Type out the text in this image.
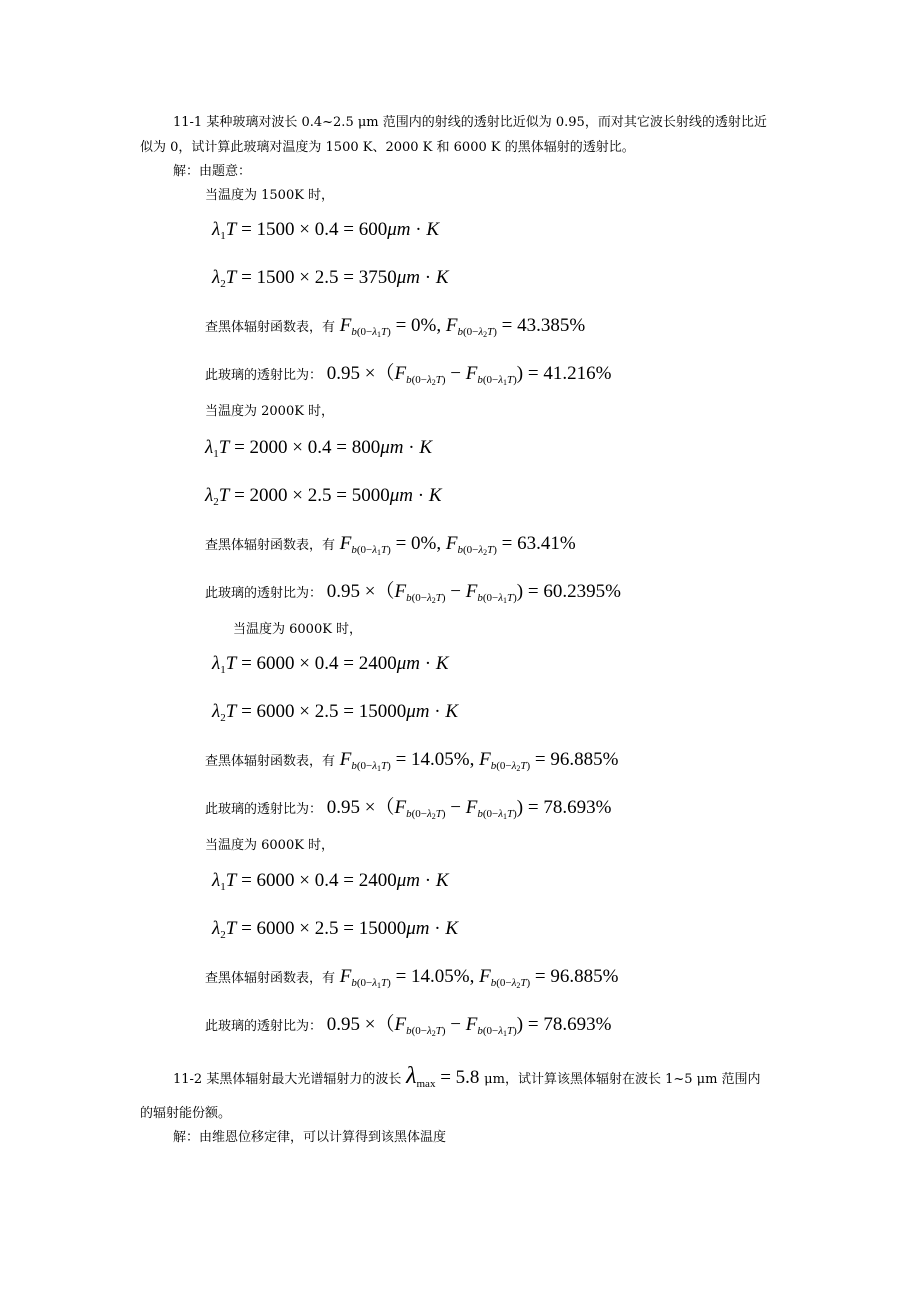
11-1 某种玻璃对波长 0.4~2.5 μm 范围内的射线的透射比近似为 0.95，而对其它波长射线的透射比近
似为 0，试计算此玻璃对温度为 1500 K、2000 K 和 6000 K 的黑体辐射的透射比。
解：由题意：
当温度为 1500K 时，
$\lambda_1T = 1500 \times 0.4 = 600\mu m \cdot K$
$\lambda_2T = 1500 \times 2.5 = 3750\mu m \cdot K$
查黑体辐射函数表，有 $F_{b(0-\lambda_1T)} = 0\%$, $F_{b(0-\lambda_2T)} = 43.385\%$
此玻璃的透射比为： $0.95 \times(F_{b(0-\lambda_2T)} - F_{b(0-\lambda_1T)}) = 41.216\%$
当温度为 2000K 时，
$\lambda_1T = 2000 \times 0.4 = 800\mu m \cdot K$
$\lambda_2T = 2000 \times 2.5 = 5000\mu m \cdot K$
查黑体辐射函数表，有 $F_{b(0-\lambda_1T)} = 0\%$, $F_{b(0-\lambda_2T)} = 63.41\%$
此玻璃的透射比为： $0.95 \times(F_{b(0-\lambda_2T)} - F_{b(0-\lambda_1T)}) = 60.2395\%$
当温度为 6000K 时，
$\lambda_1T = 6000 \times 0.4 = 2400\mu m \cdot K$
$\lambda_2T = 6000 \times 2.5 = 15000\mu m \cdot K$
查黑体辐射函数表，有 $F_{b(0-\lambda_1T)} = 14.05\%$, $F_{b(0-\lambda_2T)} = 96.885\%$
此玻璃的透射比为： $0.95 \times(F_{b(0-\lambda_2T)} - F_{b(0-\lambda_1T)}) = 78.693\%$
当温度为 6000K 时，
$\lambda_1T = 6000 \times 0.4 = 2400\mu m \cdot K$
$\lambda_2T = 6000 \times 2.5 = 15000\mu m \cdot K$
查黑体辐射函数表，有 $F_{b(0-\lambda_1T)} = 14.05\%$, $F_{b(0-\lambda_2T)} = 96.885\%$
此玻璃的透射比为： $0.95 \times(F_{b(0-\lambda_2T)} - F_{b(0-\lambda_1T)}) = 78.693\%$
11-2 某黑体辐射最大光谱辐射力的波长 $\lambda_{max} = 5.8$ μm，试计算该黑体辐射在波长 1~5 μm 范围内
的辐射能份额。
解：由维恩位移定律，可以计算得到该黑体温度
